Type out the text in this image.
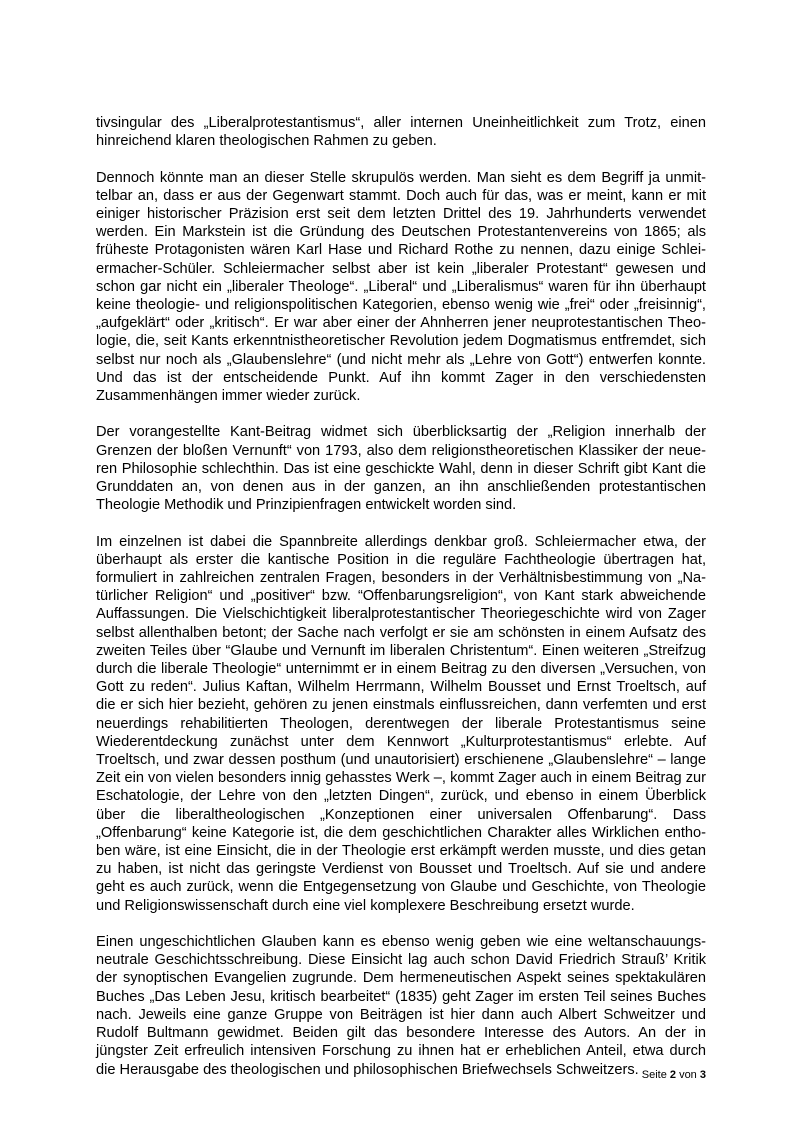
tivsingular des „Liberalprotestantismus“, aller internen Uneinheitlichkeit zum Trotz, einen hinreichend klaren theologischen Rahmen zu geben.

Dennoch könnte man an dieser Stelle skrupulös werden. Man sieht es dem Begriff ja unmittelbar an, dass er aus der Gegenwart stammt. Doch auch für das, was er meint, kann er mit einiger historischer Präzision erst seit dem letzten Drittel des 19. Jahrhunderts verwendet werden. Ein Markstein ist die Gründung des Deutschen Protestantenvereins von 1865; als früheste Protagonisten wären Karl Hase und Richard Rothe zu nennen, dazu einige Schleiermacher-Schüler. Schleiermacher selbst aber ist kein „liberaler Protestant“ gewesen und schon gar nicht ein „liberaler Theologe“. „Liberal“ und „Liberalismus“ waren für ihn überhaupt keine theologie- und religionspolitischen Kategorien, ebenso wenig wie „frei“ oder „freisinnig“, „aufgeklärt“ oder „kritisch“. Er war aber einer der Ahnherren jener neuprotestantischen Theologie, die, seit Kants erkenntnistheoretischer Revolution jedem Dogmatismus entfremdet, sich selbst nur noch als „Glaubenslehre“ (und nicht mehr als „Lehre von Gott“) entwerfen konnte. Und das ist der entscheidende Punkt. Auf ihn kommt Zager in den verschiedensten Zusammenhängen immer wieder zurück.

Der vorangestellte Kant-Beitrag widmet sich überblicksartig der „Religion innerhalb der Grenzen der bloßen Vernunft“ von 1793, also dem religionstheoretischen Klassiker der neueren Philosophie schlechthin. Das ist eine geschickte Wahl, denn in dieser Schrift gibt Kant die Grunddaten an, von denen aus in der ganzen, an ihn anschließenden protestantischen Theologie Methodik und Prinzipienfragen entwickelt worden sind.

Im einzelnen ist dabei die Spannbreite allerdings denkbar groß. Schleiermacher etwa, der überhaupt als erster die kantische Position in die reguläre Fachtheologie übertragen hat, formuliert in zahlreichen zentralen Fragen, besonders in der Verhältnisbestimmung von „Natürlicher Religion“ und „positiver“ bzw. “Offenbarungsreligion“, von Kant stark abweichende Auffassungen. Die Vielschichtigkeit liberalprotestantischer Theoriegeschichte wird von Zager selbst allenthalben betont; der Sache nach verfolgt er sie am schönsten in einem Aufsatz des zweiten Teiles über “Glaube und Vernunft im liberalen Christentum“. Einen weiteren „Streifzug durch die liberale Theologie“ unternimmt er in einem Beitrag zu den diversen „Versuchen, von Gott zu reden“. Julius Kaftan, Wilhelm Herrmann, Wilhelm Bousset und Ernst Troeltsch, auf die er sich hier bezieht, gehören zu jenen einstmals einflussreichen, dann verfemten und erst neuerdings rehabilitierten Theologen, derentwegen der liberale Protestantismus seine Wiederentdeckung zunächst unter dem Kennwort „Kulturprotestantismus“ erlebte. Auf Troeltsch, und zwar dessen posthum (und unautorisiert) erschienene „Glaubenslehre“ – lange Zeit ein von vielen besonders innig gehasstes Werk –, kommt Zager auch in einem Beitrag zur Eschatologie, der Lehre von den „letzten Dingen“, zurück, und ebenso in einem Überblick über die liberaltheologischen „Konzeptionen einer universalen Offenbarung“. Dass „Offenbarung“ keine Kategorie ist, die dem geschichtlichen Charakter alles Wirklichen enthoben wäre, ist eine Einsicht, die in der Theologie erst erkämpft werden musste, und dies getan zu haben, ist nicht das geringste Verdienst von Bousset und Troeltsch. Auf sie und andere geht es auch zurück, wenn die Entgegensetzung von Glaube und Geschichte, von Theologie und Religionswissenschaft durch eine viel komplexere Beschreibung ersetzt wurde.

Einen ungeschichtlichen Glauben kann es ebenso wenig geben wie eine weltanschauungsneutrale Geschichtsschreibung. Diese Einsicht lag auch schon David Friedrich Strauß’ Kritik der synoptischen Evangelien zugrunde. Dem hermeneutischen Aspekt seines spektakulären Buches „Das Leben Jesu, kritisch bearbeitet“ (1835) geht Zager im ersten Teil seines Buches nach. Jeweils eine ganze Gruppe von Beiträgen ist hier dann auch Albert Schweitzer und Rudolf Bultmann gewidmet. Beiden gilt das besondere Interesse des Autors. An der in jüngster Zeit erfreulich intensiven Forschung zu ihnen hat er erheblichen Anteil, etwa durch die Herausgabe des theologischen und philosophischen Briefwechsels Schweitzers. Seite 2 von 3
